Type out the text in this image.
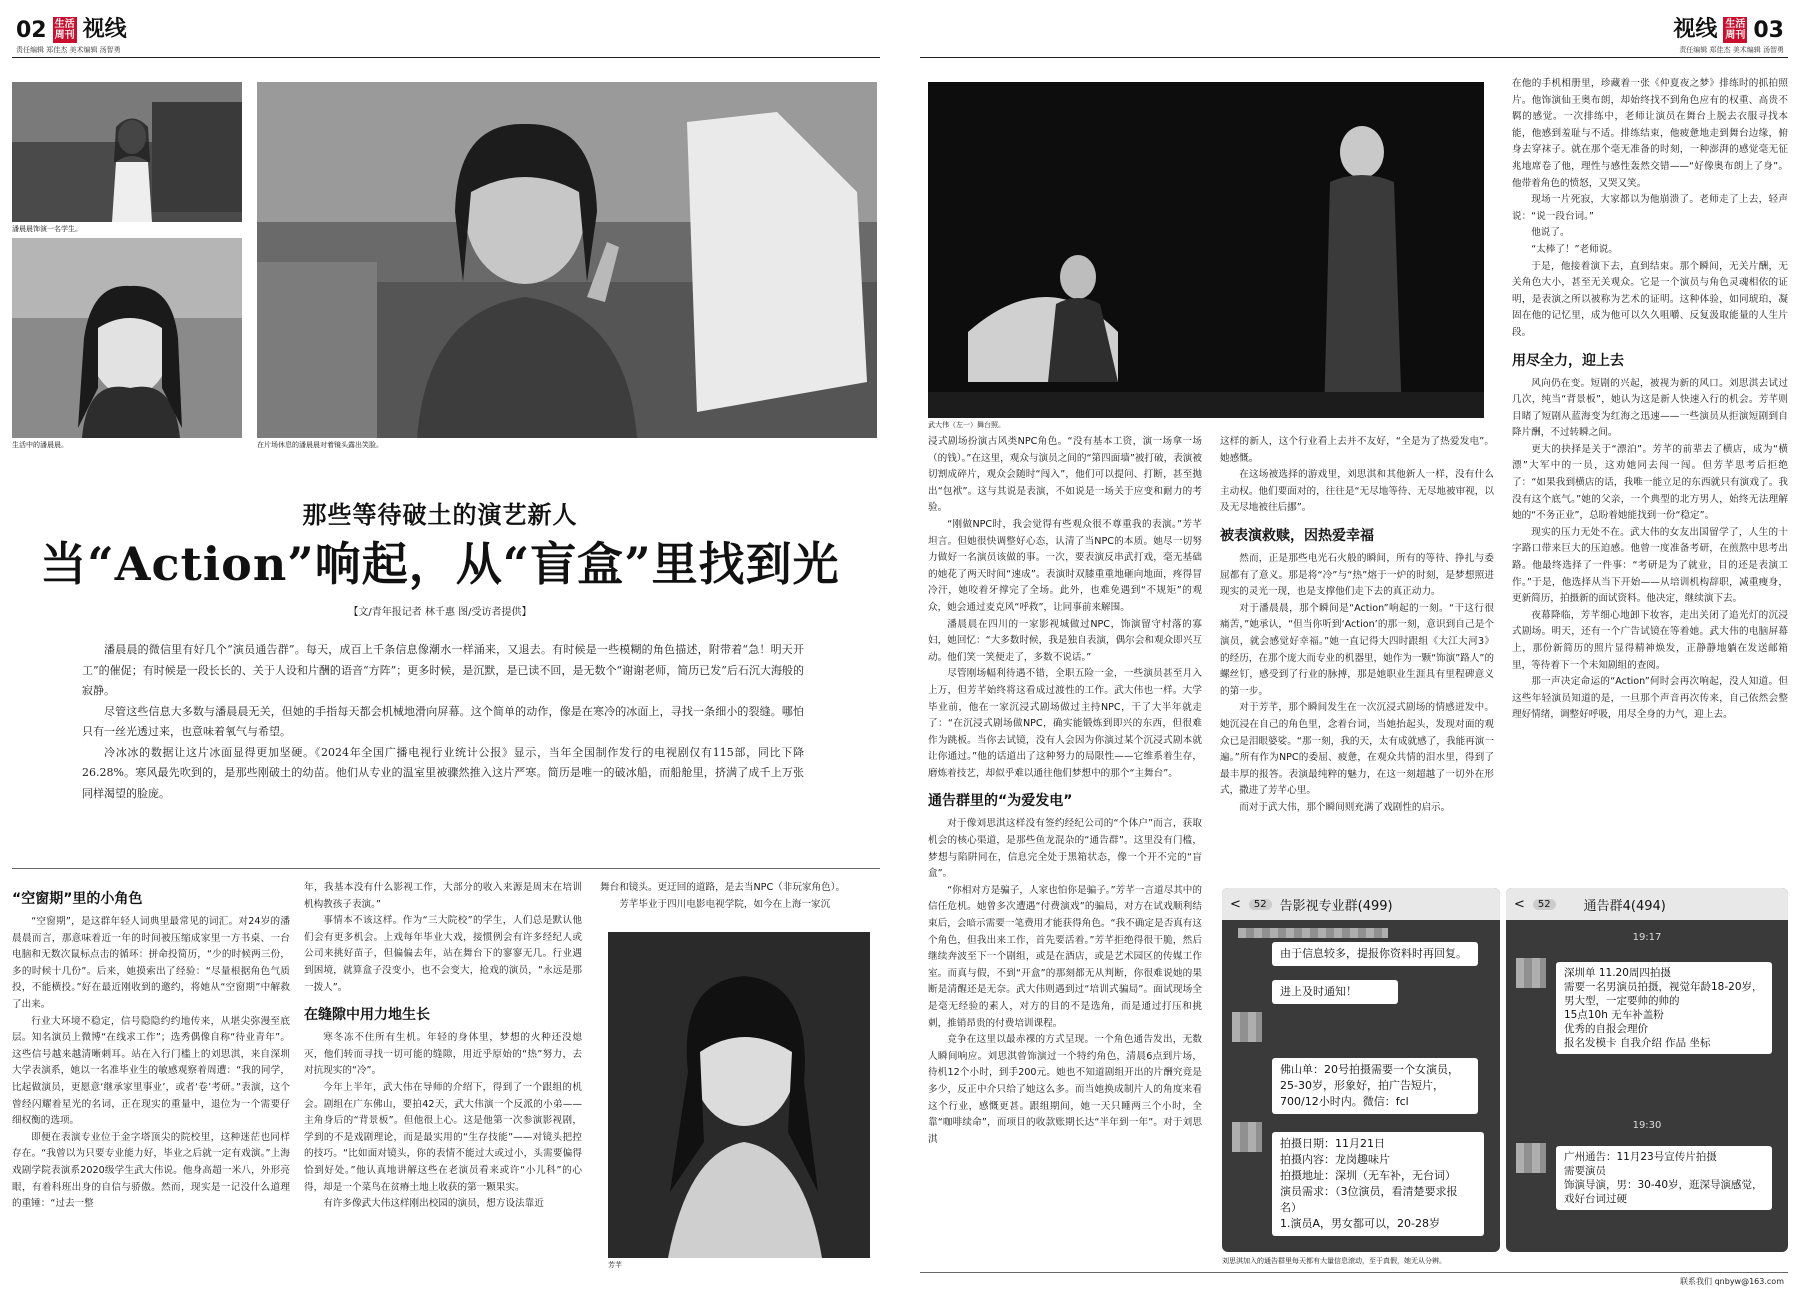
02 生活
周刊 视线
责任编辑 郑佳杰 美术编辑 汤智勇
视线 生活
周刊 03
责任编辑 郑佳杰 美术编辑 汤智勇
潘晨晨饰演一名学生。
生活中的潘晨晨。	在片场休息的潘晨晨对着镜头露出笑脸。
那些等待破土的演艺新人
当“Action”响起，从“盲盒”里找到光
【文/青年报记者 林千惠 图/受访者提供】

潘晨晨的微信里有好几个“演员通告群”。每天，成百上千条信息像潮水一样涌来，又退去。有时候是一些模糊的角色描述，附带着“急！明天开工”的催促；有时候是一段长长的、关于人设和片酬的语音“方阵”；更多时候，是沉默，是已读不回，是无数个“谢谢老师，简历已发”后石沉大海般的寂静。

尽管这些信息大多数与潘晨晨无关，但她的手指每天都会机械地滑向屏幕。这个简单的动作，像是在寒冷的冰面上，寻找一条细小的裂缝。哪怕只有一丝光透过来，也意味着氧气与希望。

冷冰冰的数据让这片冰面显得更加坚硬。《2024年全国广播电视行业统计公报》显示，当年全国制作发行的电视剧仅有115部，同比下降26.28%。寒风最先吹到的，是那些刚破土的幼苗。他们从专业的温室里被骤然推入这片严寒。简历是唯一的破冰船，而船舱里，挤满了成千上万张同样渴望的脸庞。

“空窗期”里的小角色

“空窗期”，是这群年轻人词典里最常见的词汇。对24岁的潘晨晨而言，那意味着近一年的时间被压缩成家里一方书桌、一台电脑和无数次鼠标点击的循环：拼命投简历，“少的时候两三份，多的时候十几份”。后来，她摸索出了经验：“尽量根据角色气质投，不能横投。”好在最近刚收到的邀约，将她从“空窗期”中解救了出来。

行业大环境不稳定，信号隐隐约约地传来，从堪尖弥漫至底层。知名演员上微博“在线求工作”；选秀偶像自称“待业青年”。这些信号越来越清晰刺耳。站在入行门槛上的刘思淇，来自深圳大学表演系，她以一名准毕业生的敏感观察着周遭：“我的同学，比起做演员，更愿意‘继承家里事业’，或者‘卷’考研。”表演，这个曾经闪耀着星光的名词，正在现实的重量中，退位为一个需要仔细权衡的选项。

即便在表演专业位于金字塔顶尖的院校里，这种迷茫也同样存在。“我曾以为只要专业能力好，毕业之后就一定有戏演。”上海戏剧学院表演系2020级学生武大伟说。他身高超一米八，外形亮眼，有着科班出身的自信与骄傲。然而，现实是一记没什么道理的重锤：“过去一整

年，我基本没有什么影视工作，大部分的收入来源是周末在培训机构教孩子表演。”

事情本不该这样。作为“三大院校”的学生，人们总是默认他们会有更多机会。上戏每年毕业大戏，接惯例会有许多经纪人或公司来挑好苗子，但偏偏去年，站在舞台下的寥寥无几。行业遇到困境，就算盒子没变小，也不会变大，抢戏的演员，“永远是那一拨人”。

在缝隙中用力地生长

寒冬冻不住所有生机。年轻的身体里，梦想的火种还没熄灭，他们转而寻找一切可能的缝隙，用近乎原始的“热”努力，去对抗现实的“冷”。

今年上半年，武大伟在导师的介绍下，得到了一个跟组的机会。剧组在广东佛山，要拍42天，武大伟演一个反派的小弟——主角身后的“背景板”。但他很上心。这是他第一次参演影视剧，学到的不是戏剧理论，而是最实用的“生存技能”——对镜头把控的技巧。“比如面对镜头，你的表情不能过大或过小，头需要偏得恰到好处。”他认真地讲解这些在老演员看来或许“小儿科”的心得，却是一个菜鸟在贫瘠土地上收获的第一颗果实。

有许多像武大伟这样刚出校园的演员，想方设法靠近

舞台和镜头。更迂回的道路，是去当NPC（非玩家角色）。

芳芊毕业于四川电影电视学院，如今在上海一家沉

芳芊
武大伟（左一）舞台照。

浸式剧场扮演古风类NPC角色。“没有基本工资，演一场拿一场（的钱）。”在这里，观众与演员之间的“第四面墙”被打破，表演被切割成碎片，观众会随时“闯入”，他们可以提问、打断，甚至抛出“包袱”。这与其说是表演，不如说是一场关于应变和耐力的考验。

“刚做NPC时，我会觉得有些观众很不尊重我的表演。”芳芊坦言。但她很快调整好心态，认清了当NPC的本质。她尽一切努力做好一名演员该做的事。一次，要表演反串武打戏，毫无基础的她花了两天时间“速成”。表演时双膝重重地砸向地面，疼得冒冷汗，她咬着牙撑完了全场。此外，也难免遇到“不规矩”的观众，她会通过麦克风“呼救”，让同事前来解围。

潘晨晨在四川的一家影视城做过NPC，饰演留守村落的寡妇，她回忆：“大多数时候，我是独自表演，偶尔会和观众即兴互动。他们笑一笑便走了，多数不说话。”

尽管刚场幅利待遇不错，全职五险一金，一些演员甚至月入上万，但芳芊始终将这看成过渡性的工作。武大伟也一样。大学毕业前，他在一家沉浸式剧场做过主持NPC，干了大半年就走了：“在沉浸式剧场做NPC，确实能锻炼到即兴的东西，但很难作为跳板。当你去试镜，没有人会因为你演过某个沉浸式剧本就让你通过。”他的话道出了这种努力的局限性——它维系着生存，磨炼着技艺，却似乎难以通往他们梦想中的那个“主舞台”。

通告群里的“为爱发电”

对于像刘思淇这样没有签约经纪公司的“个体户”而言，获取机会的核心渠道，是那些鱼龙混杂的“通告群”。这里没有门槛，梦想与陷阱同在，信息完全处于黑箱状态，像一个开不完的“盲盒”。

“你相对方是骗子，人家也怕你是骗子。”芳芊一言道尽其中的信任危机。她曾多次遭遇“付费演戏”的骗局，对方在试戏顺利结束后，会暗示需要一笔费用才能获得角色。“我不确定是否真有这个角色，但我出来工作，首先要活着。”芳芊拒绝得很干脆，然后继续奔波至下一个剧组，或是在酒店，或是艺术园区的传媒工作室。而真与假，不到“开盒”的那刻都无从判断，你很难说她的果断是清醒还是无奈。武大伟则遇到过“培训式骗局”。面试现场全是毫无经验的素人，对方的目的不是选角，而是通过打压和挑刺，推销昂贵的付费培训课程。

竞争在这里以最赤裸的方式呈现。一个角色通告发出，无数人瞬间响应。刘思淇曾饰演过一个特约角色，清晨6点到片场，待机12个小时，到手200元。她也不知道剧组开出的片酬究竟是多少，反正中介只给了她这么多。而当她换成制片人的角度来看这个行业，感慨更甚。跟组期间，她一天只睡两三个小时，全靠“咖啡续命”，而项目的收款账期长达“半年到一年”。对于刘思淇

这样的新人，这个行业看上去并不友好，“全是为了热爱发电”。她感慨。

在这场被选择的游戏里，刘思淇和其他新人一样，没有什么主动权。他们要面对的，往往是“无尽地等待、无尽地被审视，以及无尽地被往后挪”。

被表演救赎，因热爱幸福

然而，正是那些电光石火般的瞬间，所有的等待、挣扎与委屈都有了意义。那是将“冷”与“热”熔于一炉的时刻，是梦想照进现实的灵光一现，也是支撑他们走下去的真正动力。

对于潘晨晨，那个瞬间是“Action”响起的一刻。“干这行很痛苦，”她承认，“但当你听到‘Action’的那一刻，意识到自己是个演员，就会感觉好幸福。”她一直记得大四时跟组《大江大河3》的经历，在那个庞大而专业的机器里，她作为一颗“饰演”路人”的螺丝钉，感受到了行业的脉搏，那是她职业生涯具有里程碑意义的第一步。

对于芳芊，那个瞬间发生在一次沉浸式剧场的情感迸发中。她沉浸在自己的角色里，念着台词，当她抬起头，发现对面的观众已是泪眼婆娑。“那一刻，我的天，太有成就感了，我能再演一遍。”所有作为NPC的委屈、疲惫，在观众共情的泪水里，得到了最丰厚的报答。表演最纯粹的魅力，在这一刻超越了一切外在形式，撒进了芳芊心里。

而对于武大伟，那个瞬间则充满了戏剧性的启示。

在他的手机相册里，珍藏着一张《仲夏夜之梦》排练时的抓拍照片。他饰演仙王奥布朗，却始终找不到角色应有的权重、高贵不羁的感觉。一次排练中，老师让演员在舞台上脱去衣服寻找本能，他感到羞耻与不适。排练结束，他疲惫地走到舞台边缘，俯身去穿袜子。就在那个毫无准备的时刻，一种澎湃的感觉毫无征兆地席卷了他，理性与感性轰然交错——“好像奥布朗上了身”。他带着角色的愤怒，又哭又笑。

现场一片死寂，大家都以为他崩溃了。老师走了上去，轻声说：“说一段台词。”

他说了。

“太棒了！”老师说。

于是，他接着演下去，直到结束。那个瞬间，无关片酬，无关角色大小，甚至无关观众。它是一个演员与角色灵魂相依的证明，是表演之所以被称为艺术的证明。这种体验，如同琥珀，凝固在他的记忆里，成为他可以久久咀嚼、反复汲取能量的人生片段。

用尽全力，迎上去

风向仍在变。短剧的兴起，被视为新的风口。刘思淇去试过几次，纯当“背景板”，她认为这是新人快速入行的机会。芳芊则目睹了短剧从蓝海变为红海之迅速——一些演员从拒演短剧到自降片酬，不过转瞬之间。

更大的抉择是关于“漂泊”。芳芊的前辈去了横店，成为“横漂”大军中的一员，这劝她同去闯一闯。但芳芊思考后拒绝了：“如果我到横店的话，我唯一能立足的东西就只有演戏了。我没有这个底气。”她的父亲，一个典型的北方男人，始终无法理解她的“不务正业”，总盼着她能找到一份“稳定”。

现实的压力无处不在。武大伟的女友出国留学了，人生的十字路口带来巨大的压迫感。他曾一度准备考研，在煎熬中思考出路。他最终选择了一件事：“考研是为了就业，目的还是表演工作。”于是，他选择从当下开始——从培训机构辞职，减重瘦身，更新简历，拍摄新的面试资料。他决定，继续演下去。

夜幕降临，芳芊细心地卸下妆容，走出关闭了追光灯的沉浸式剧场。明天，还有一个广告试镜在等着她。武大伟的电脑屏幕上，那份新简历的照片显得精神焕发，正静静地躺在发送邮箱里，等待着下一个未知剧组的查阅。

那一声决定命运的“Action”何时会再次响起，没人知道。但这些年轻演员知道的是，一旦那个声音再次传来，自己依然会整理好情绪，调整好呼吸，用尽全身的力气，迎上去。

<	52	告影视专业群(499)
由于信息较多，提报你资料时再回复。
进上及时通知！
佛山单：20号拍摄需要一个女演员，25-30岁，形象好，拍广告短片，700/12小时内。微信：fcl
拍摄日期：11月21日
拍摄内容：龙岗趣味片
拍摄地址：深圳（无车补，无台词）
演员需求：（3位演员，看清楚要求报名）
1.演员A，男女都可以，20-28岁
<	52	通告群4(494)
19:17
深圳单 11.20周四拍摄
需要一名男演员拍摄，视觉年龄18-20岁，男大型，一定要帅的帅的
15点10h 无车补盖粉
优秀的自报会理价
报名发模卡 自我介绍 作品 坐标
19:30
广州通告：11月23号宣传片拍摄
需要演员
饰演导演，男：30-40岁，逛深导演感觉，戏好台词过硬
刘思淇加入的通告群里每天都有大量信息滚动，至于真假，她无从分辨。
联系我们 qnbyw@163.com
